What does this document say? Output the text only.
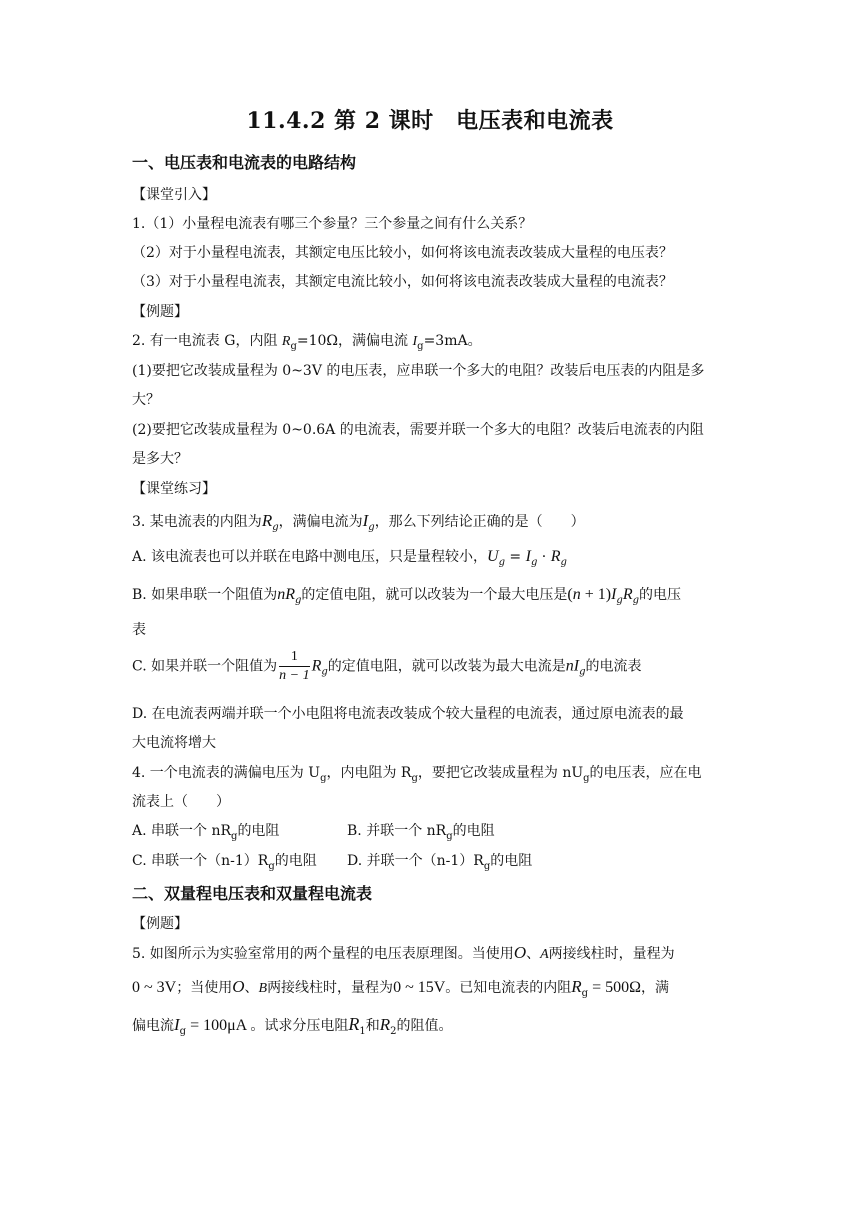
11.4.2 第 2 课时　电压表和电流表
一、电压表和电流表的电路结构
【课堂引入】
1.（1）小量程电流表有哪三个参量？三个参量之间有什么关系？
（2）对于小量程电流表，其额定电压比较小，如何将该电流表改装成大量程的电压表？
（3）对于小量程电流表，其额定电流比较小，如何将该电流表改装成大量程的电流表？
【例题】
2. 有一电流表 G，内阻 $R_g=10\Omega$，满偏电流 $I_g=3mA$。
(1)要把它改装成量程为 0~3V 的电压表，应串联一个多大的电阻？改装后电压表的内阻是多
大？
(2)要把它改装成量程为 0~0.6A 的电流表，需要并联一个多大的电阻？改装后电流表的内阻
是多大？
【课堂练习】
3. 某电流表的内阻为$R_g$，满偏电流为$I_g$，那么下列结论正确的是（　　）
A. 该电流表也可以并联在电路中测电压，只是量程较小，$U_g = I_g \cdot R_g$
B. 如果串联一个阻值为$nR_g$的定值电阻，就可以改装为一个最大电压是$(n + 1)I_gR_g$的电压
表
C. 如果并联一个阻值为 $\frac{1}{n - 1} R_g$的定值电阻，就可以改装为最大电流是$nI_g$的电流表
D. 在电流表两端并联一个小电阻将电流表改装成个较大量程的电流表，通过原电流表的最
大电流将增大
4. 一个电流表的满偏电压为 $U_g$，内电阻为 $R_g$，要把它改装成量程为 $nU_g$的电压表，应在电
流表上（　　）
A. 串联一个 $nR_g$的电阻	B. 并联一个 $nR_g$的电阻
C. 串联一个$(n-1)R_g$的电阻 D. 并联一个$(n-1)R_g$的电阻
二、双量程电压表和双量程电流表
【例题】
5. 如图所示为实验室常用的两个量程的电压表原理图。当使用O、A两接线柱时，量程为
0 ~ 3V；当使用O、B两接线柱时，量程为0 ~ 15V。已知电流表的内阻$R_g = 500\Omega$，满
偏电流$I_g = 100\mu A$ 。试求分压电阻$R_1$和$R_2$的阻值。
